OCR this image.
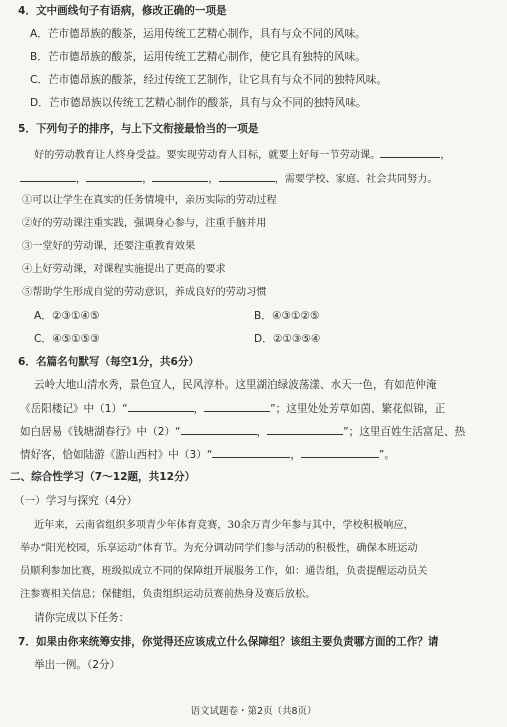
4．文中画线句子有语病，修改正确的一项是
A．芒市德昂族的酸茶，运用传统工艺精心制作，具有与众不同的风味。
B．芒市德昂族的酸茶，运用传统工艺精心制作，使它具有独特的风味。
C．芒市德昂族的酸茶，经过传统工艺制作，让它具有与众不同的独特风味。
D．芒市德昂族以传统工艺精心制作的酸茶，具有与众不同的独特风味。
5．下列句子的排序，与上下文衔接最恰当的一项是
好的劳动教育让人终身受益。要实现劳动育人目标，就要上好每一节劳动课。	，
，	，	，	，需要学校、家庭、社会共同努力。
①可以让学生在真实的任务情境中，亲历实际的劳动过程
②好的劳动课注重实践，强调身心参与，注重手脑并用
③一堂好的劳动课，还要注重教育效果
④上好劳动课，对课程实施提出了更高的要求
⑤帮助学生形成自觉的劳动意识，养成良好的劳动习惯
A．②③①④⑤	B．④③①②⑤
C．④⑤①⑤③	D．②①③⑤④
6．名篇名句默写（每空1分，共6分）
云岭大地山清水秀，景色宜人，民风淳朴。这里湖泊绿波荡漾、水天一色，有如范仲淹
《岳阳楼记》中（1）“	，	”；这里处处芳草如茵、繁花似锦，正
如白居易《钱塘湖春行》中（2）“	，	”；这里百姓生活富足、热
情好客，恰如陆游《游山西村》中（3）“	，	”。
二、综合性学习（7～12题，共12分）
（一）学习与探究（4分）
近年来，云南省组织多项青少年体育竞赛，30余万青少年参与其中，学校积极响应，
举办“阳光校园，乐享运动”体育节。为充分调动同学们参与活动的积极性，确保本班运动
员顺利参加比赛，班级拟成立不同的保障组开展服务工作，如：通告组，负责提醒运动员关
注参赛相关信息；保健组，负责组织运动员赛前热身及赛后放松。
请你完成以下任务：
7．如果由你来统筹安排，你觉得还应该成立什么保障组？该组主要负责哪方面的工作？请
举出一例。（2分）
语文试题卷・第2页（共8页）
